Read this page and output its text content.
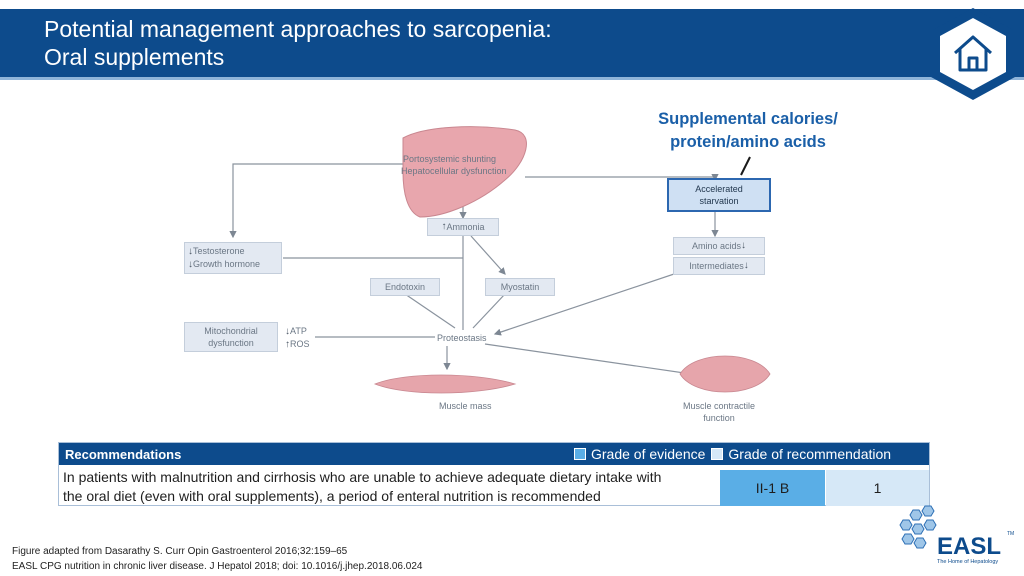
Potential management approaches to sarcopenia:
Oral supplements
Supplemental calories/
protein/amino acids
Portosystemic shunting
Hepatocellular dysfunction
↑ Ammonia
↓Testosterone
↓Growth hormone
Endotoxin	Myostatin
Mitochondrial
dysfunction
↓ATP
↑ROS
Proteostasis
Accelerated
starvation
Amino acids ↓
Intermediates ↓
Muscle mass	Muscle contractile
function
Recommendations	Grade of evidence Grade of recommendation
In patients with malnutrition and cirrhosis who are unable to achieve adequate dietary intake with
the oral diet (even with oral supplements), a period of enteral nutrition is recommended	II-1 B	1
Figure adapted from Dasarathy S. Curr Opin Gastroenterol 2016;32:159–65
EASL CPG nutrition in chronic liver disease. J Hepatol 2018; doi: 10.1016/j.jhep.2018.06.024
EASL TM
The Home of Hepatology
